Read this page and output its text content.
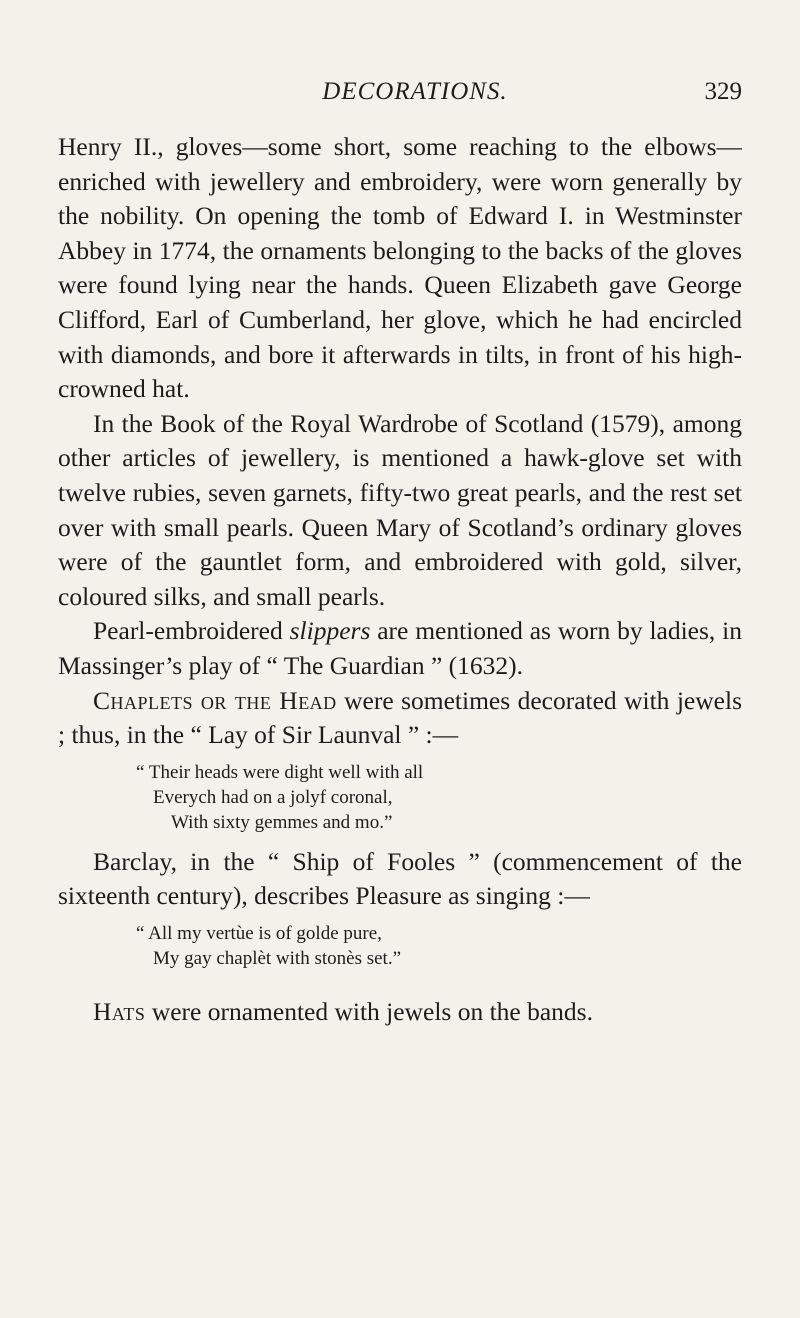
DECORATIONS.	329

Henry II., gloves—some short, some reaching to the elbows—enriched with jewellery and embroidery, were worn generally by the nobility. On opening the tomb of Edward I. in Westminster Abbey in 1774, the ornaments belonging to the backs of the gloves were found lying near the hands. Queen Elizabeth gave George Clifford, Earl of Cumberland, her glove, which he had encircled with diamonds, and bore it afterwards in tilts, in front of his high-crowned hat.

In the Book of the Royal Wardrobe of Scotland (1579), among other articles of jewellery, is mentioned a hawk-glove set with twelve rubies, seven garnets, fifty-two great pearls, and the rest set over with small pearls. Queen Mary of Scotland’s ordinary gloves were of the gauntlet form, and embroidered with gold, silver, coloured silks, and small pearls.

Pearl-embroidered slippers are mentioned as worn by ladies, in Massinger’s play of “ The Guardian ” (1632).

Chaplets or the Head were sometimes decorated with jewels ; thus, in the “ Lay of Sir Launval ” :—

“ Their heads were dight well with all
Everych had on a jolyf coronal,
With sixty gemmes and mo.”

Barclay, in the “ Ship of Fooles ” (commencement of the sixteenth century), describes Pleasure as singing :—

“ All my vertùe is of golde pure,
My gay chaplèt with stonès set.”

Hats were ornamented with jewels on the bands.
